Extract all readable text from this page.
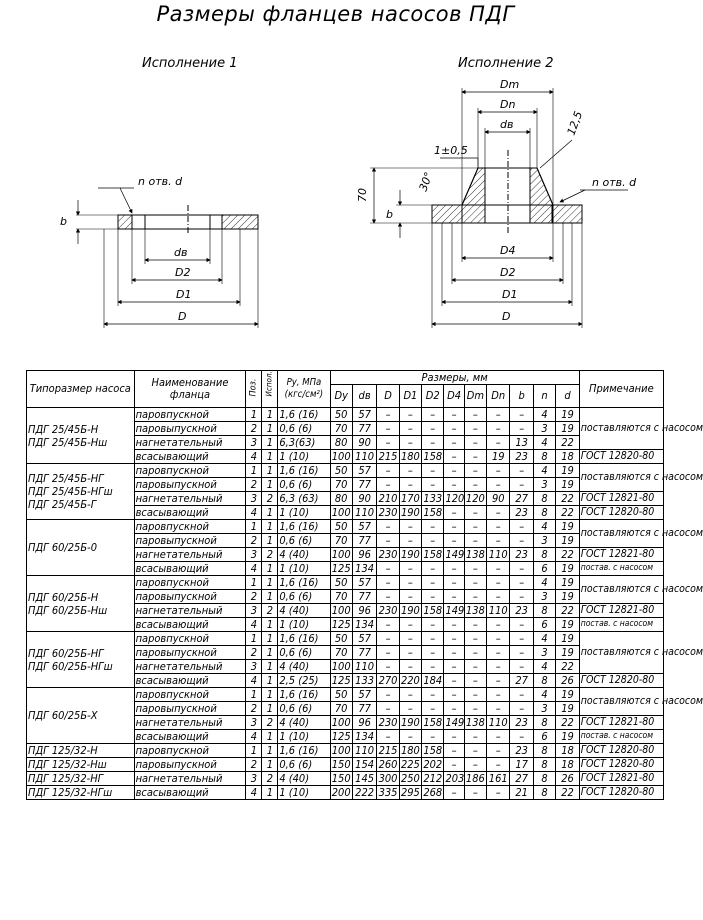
Размеры фланцев насосов ПДГ
Исполнение 1	Исполнение 2
b
n отв. d
dв
D2
D1
D
Dm
Dn
dв
1±0,5
12,5
30°
70
b
n отв. d
D4
D2
D1
D
Типоразмер насоса	Наименование фланца	Поз.	Испол.	Pу, МПа (кгс/см²)	Размеры, мм											Примечание
					Dу	dв	D	D1	D2	D4	Dm	Dn	b	n	d	

ПДГ 25/45Б-Н
ПДГ 25/45Б-Нш	паровпускной	1	1	1,6 (16)	50	57	–	–	–	–	–	–	–	4	19	поставляются с насосом
	паровыпускной	2	1	0,6 (6)	70	77	–	–	–	–	–	–	–	3	19	
	нагнетательный	3	1	6,3(63)	80	90	–	–	–	–	–	–	13	4	22	
	всасывающий	4	1	1 (10)	100	110	215	180	158	–	–	19	23	8	18	ГОСТ 12820-80

ПДГ 25/45Б-НГ
ПДГ 25/45Б-НГш
ПДГ 25/45Б-Г	паровпускной	1	1	1,6 (16)	50	57	–	–	–	–	–	–	–	4	19	поставляются с насосом
	паровыпускной	2	1	0,6 (6)	70	77	–	–	–	–	–	–	–	3	19	
	нагнетательный	3	2	6,3 (63)	80	90	210	170	133	120	120	90	27	8	22	ГОСТ 12821-80
	всасывающий	4	1	1 (10)	100	110	230	190	158	–	–	–	23	8	22	ГОСТ 12820-80

ПДГ 60/25Б-0	паровпускной	1	1	1,6 (16)	50	57	–	–	–	–	–	–	–	4	19	поставляются с насосом
	паровыпускной	2	1	0,6 (6)	70	77	–	–	–	–	–	–	–	3	19	
	нагнетательный	3	2	4 (40)	100	96	230	190	158	149	138	110	23	8	22	ГОСТ 12821-80
	всасывающий	4	1	1 (10)	125	134	–	–	–	–	–	–	–	6	19	постав. с насосом

ПДГ 60/25Б-Н
ПДГ 60/25Б-Нш	паровпускной	1	1	1,6 (16)	50	57	–	–	–	–	–	–	–	4	19	поставляются с насосом
	паровыпускной	2	1	0,6 (6)	70	77	–	–	–	–	–	–	–	3	19	
	нагнетательный	3	2	4 (40)	100	96	230	190	158	149	138	110	23	8	22	ГОСТ 12821-80
	всасывающий	4	1	1 (10)	125	134	–	–	–	–	–	–	–	6	19	постав. с насосом

ПДГ 60/25Б-НГ
ПДГ 60/25Б-НГш	паровпускной	1	1	1,6 (16)	50	57	–	–	–	–	–	–	–	4	19	поставляются с насосом
	паровыпускной	2	1	0,6 (6)	70	77	–	–	–	–	–	–	–	3	19	
	нагнетательный	3	1	4 (40)	100	110	–	–	–	–	–	–	–	4	22	
	всасывающий	4	1	2,5 (25)	125	133	270	220	184	–	–	–	27	8	26	ГОСТ 12820-80

ПДГ 60/25Б-Х	паровпускной	1	1	1,6 (16)	50	57	–	–	–	–	–	–	–	4	19	поставляются с насосом
	паровыпускной	2	1	0,6 (6)	70	77	–	–	–	–	–	–	–	3	19	
	нагнетательный	3	2	4 (40)	100	96	230	190	158	149	138	110	23	8	22	ГОСТ 12821-80
	всасывающий	4	1	1 (10)	125	134	–	–	–	–	–	–	–	6	19	постав. с насосом
ПДГ 125/32-Н	паровпускной	1	1	1,6 (16)	100	110	215	180	158	–	–	–	23	8	18	ГОСТ 12820-80
ПДГ 125/32-Нш	паровыпускной	2	1	0,6 (6)	150	154	260	225	202	–	–	–	17	8	18	ГОСТ 12820-80
ПДГ 125/32-НГ	нагнетательный	3	2	4 (40)	150	145	300	250	212	203	186	161	27	8	26	ГОСТ 12821-80
ПДГ 125/32-НГш	всасывающий	4	1	1 (10)	200	222	335	295	268	–	–	–	21	8	22	ГОСТ 12820-80
